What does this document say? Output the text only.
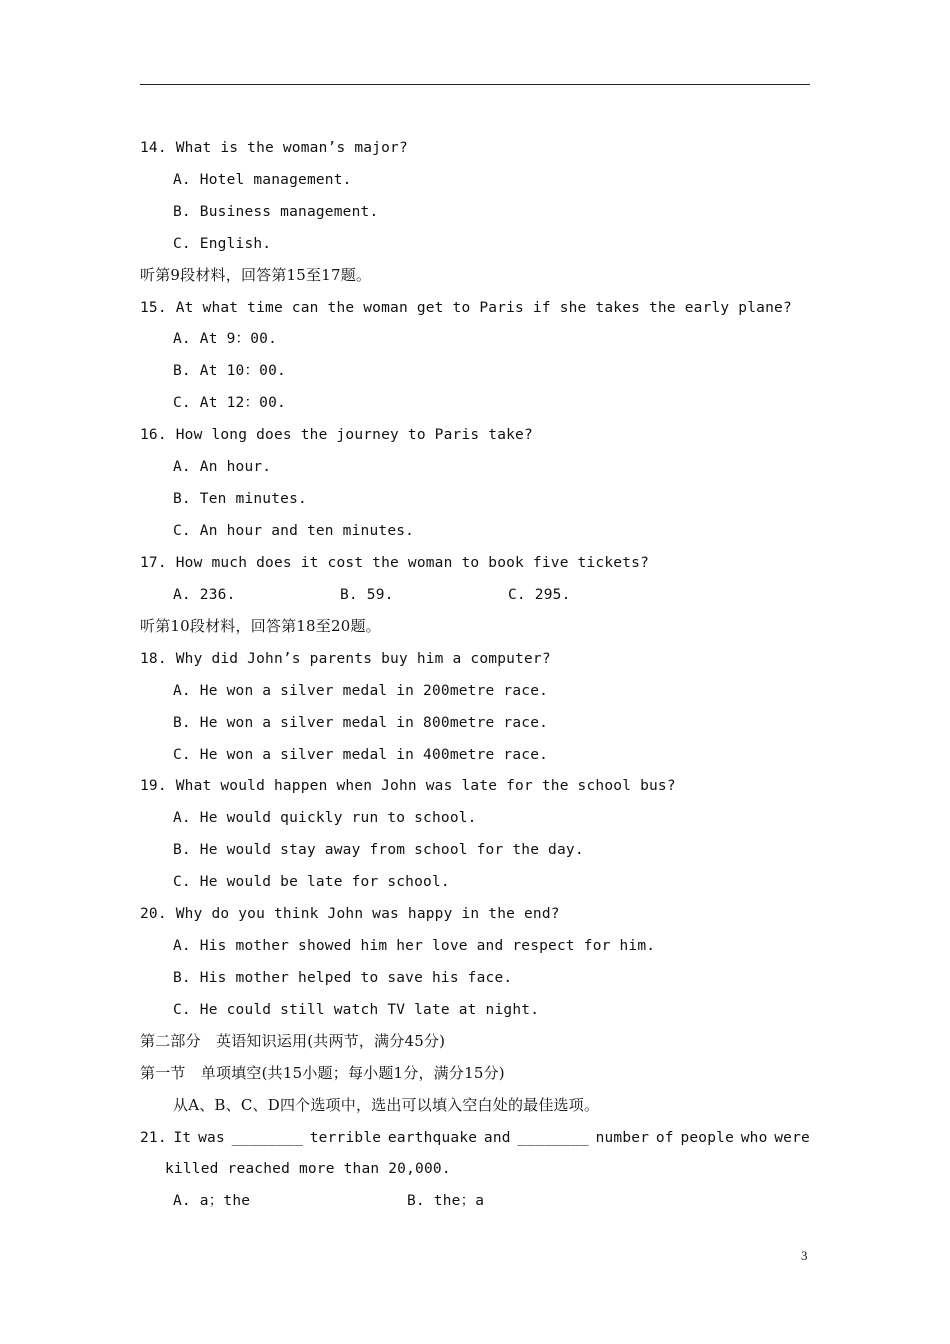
14. What is the woman’s major?
A. Hotel management.
B. Business management.
C. English.
听第9段材料，回答第15至17题。
15. At what time can the woman get to Paris if she takes the early plane?
A. At 9：00.
B. At 10：00.
C. At 12：00.
16. How long does the journey to Paris take?
A. An hour.
B. Ten minutes.
C. An hour and ten minutes.
17. How much does it cost the woman to book five tickets?
A. 236.	B. 59.	C. 295.
听第10段材料，回答第18至20题。
18. Why did John’s parents buy him a computer?
A. He won a silver medal in 200metre race.
B. He won a silver medal in 800metre race.
C. He won a silver medal in 400metre race.
19. What would happen when John was late for the school bus?
A. He would quickly run to school.
B. He would stay away from school for the day.
C. He would be late for school.
20. Why do you think John was happy in the end?
A. His mother showed him her love and respect for him.
B. His mother helped to save his face.
C. He could still watch TV late at night.
第二部分　英语知识运用(共两节，满分45分)
第一节　单项填空(共15小题；每小题1分，满分15分)
从A、B、C、D四个选项中，选出可以填入空白处的最佳选项。
21. It was ________ terrible earthquake and ________ number of people who were
killed reached more than 20,000.
A. a；the	B. the；a
3
